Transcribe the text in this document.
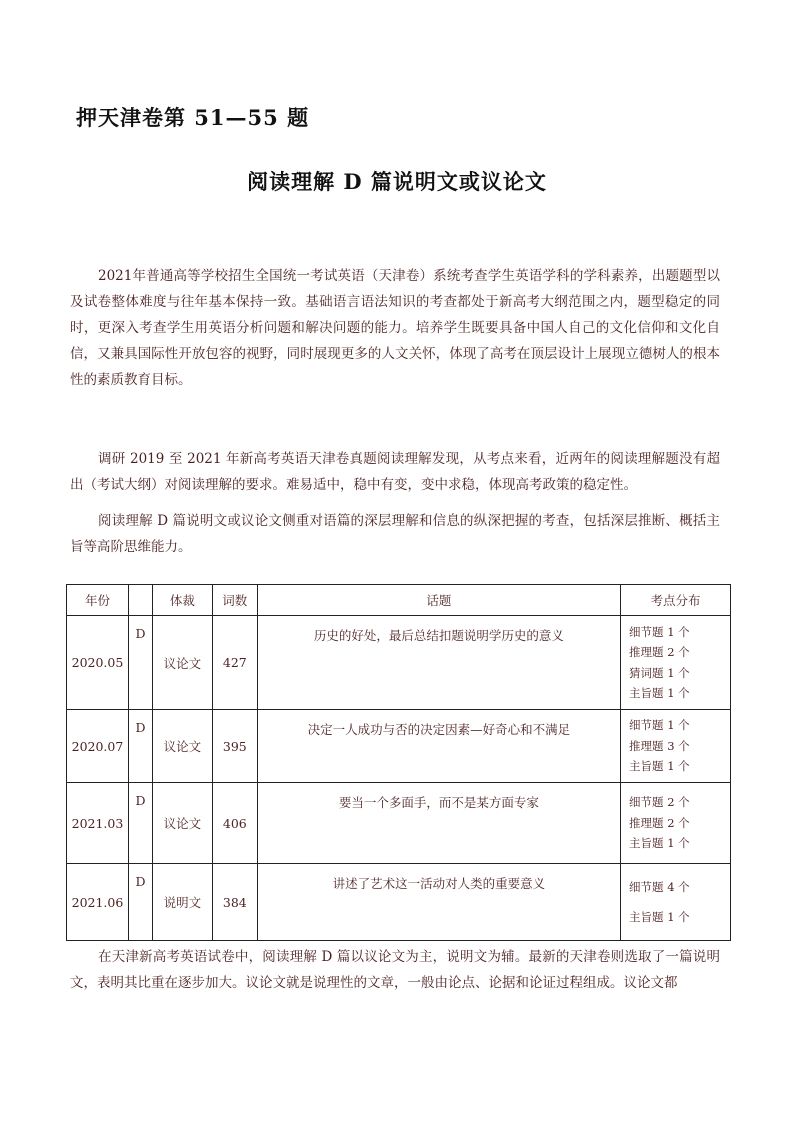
押天津卷第 51—55 题
阅读理解 D 篇说明文或议论文

2021年普通高等学校招生全国统一考试英语（天津卷）系统考查学生英语学科的学科素养，出题题型以及试卷整体难度与往年基本保持一致。基础语言语法知识的考查都处于新高考大纲范围之内，题型稳定的同时，更深入考查学生用英语分析问题和解决问题的能力。培养学生既要具备中国人自己的文化信仰和文化自信，又兼具国际性开放包容的视野，同时展现更多的人文关怀，体现了高考在顶层设计上展现立德树人的根本性的素质教育目标。

调研 2019 至 2021 年新高考英语天津卷真题阅读理解发现，从考点来看，近两年的阅读理解题没有超出（考试大纲）对阅读理解的要求。难易适中，稳中有变，变中求稳，体现高考政策的稳定性。

阅读理解 D 篇说明文或议论文侧重对语篇的深层理解和信息的纵深把握的考查，包括深层推断、概括主旨等高阶思维能力。

年份		体裁	词数	话题	考点分布
2020.05	D	议论文	427	历史的好处，最后总结扣题说明学历史的意义	细节题 1 个
推理题 2 个
猜词题 1 个
主旨题 1 个

2020.07	D	议论文	395	决定一人成功与否的决定因素—好奇心和不满足	细节题 1 个
推理题 3 个
主旨题 1 个

2021.03	D	议论文	406	要当一个多面手，而不是某方面专家	细节题 2 个
推理题 2 个
主旨题 1 个

2021.06	D	说明文	384	讲述了艺术这一活动对人类的重要意义	细节题 4 个
主旨题 1 个

在天津新高考英语试卷中，阅读理解 D 篇以议论文为主，说明文为辅。最新的天津卷则选取了一篇说明文，表明其比重在逐步加大。议论文就是说理性的文章，一般由论点、论据和论证过程组成。议论文都
